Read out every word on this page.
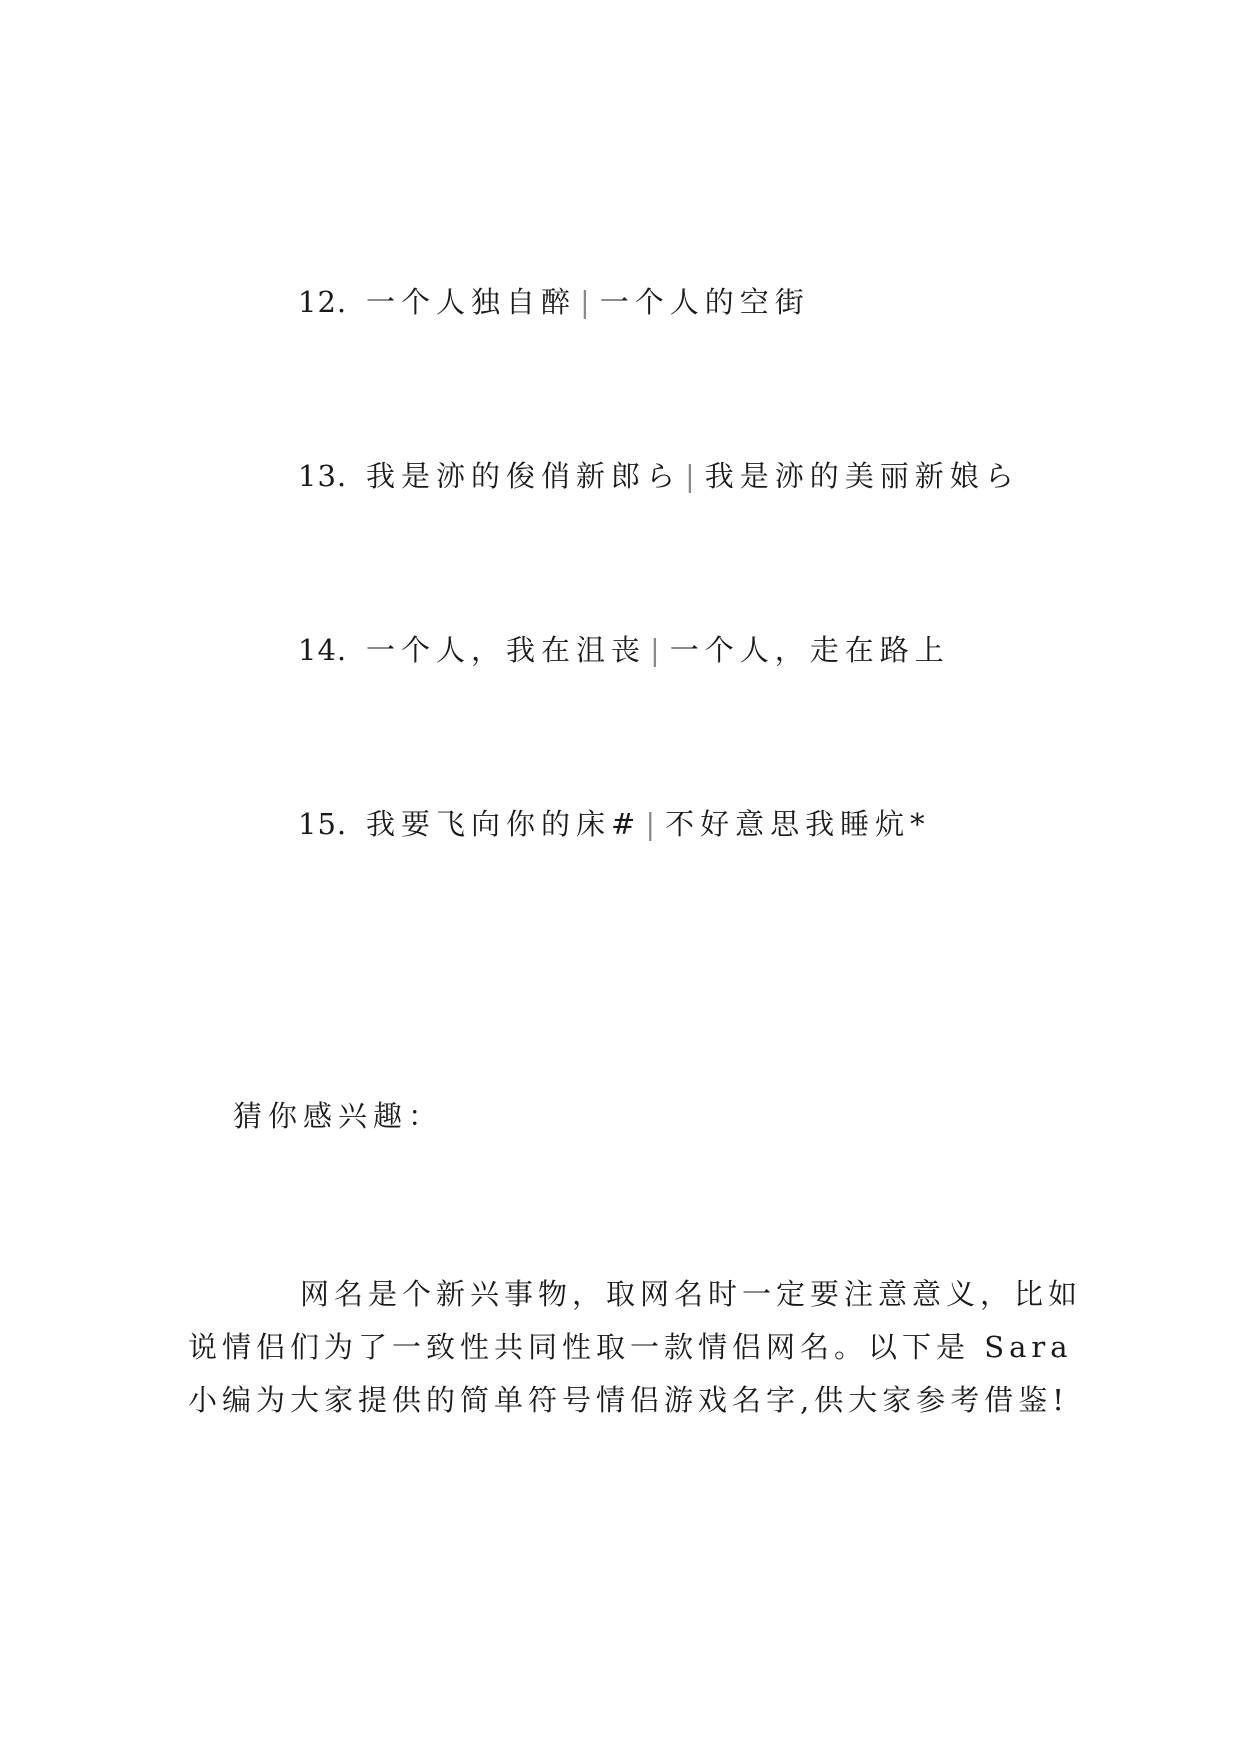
12. 一个人独自醉 | 一个人的空街
13. 我是洂的俊俏新郎ら | 我是洂的美丽新娘ら
14. 一个人，我在沮丧 | 一个人，走在路上
15. 我要飞向你的床# | 不好意思我睡炕*
猜你感兴趣：
网名是个新兴事物，取网名时一定要注意意义，比如
说情侣们为了一致性共同性取一款情侣网名。以下是 Sara
小编为大家提供的简单符号情侣游戏名字,供大家参考借鉴!
